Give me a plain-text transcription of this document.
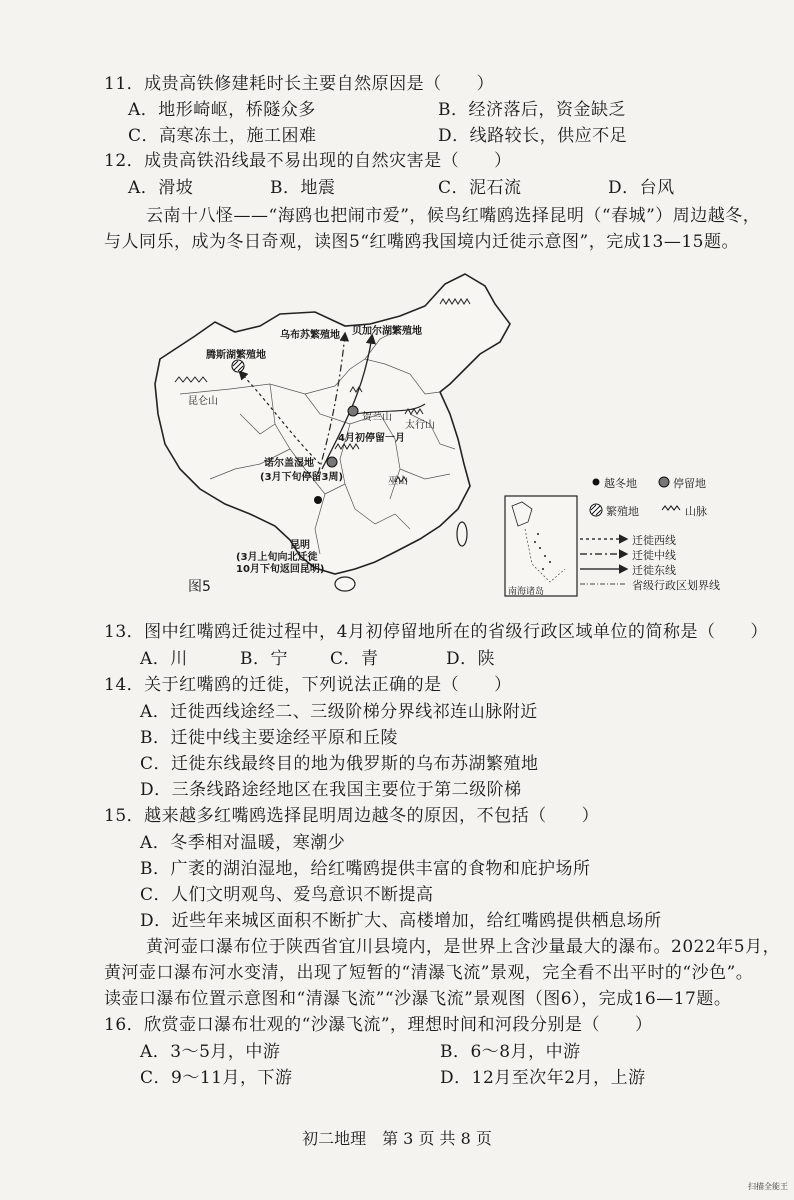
11．成贵高铁修建耗时长主要自然原因是（　　）
A．地形崎岖，桥隧众多	B．经济落后，资金缺乏
C．高寒冻土，施工困难	D．线路较长，供应不足
12．成贵高铁沿线最不易出现的自然灾害是（　　）
A．滑坡	B．地震	C．泥石流	D．台风
云南十八怪——“海鸥也把闹市爱”，候鸟红嘴鸥选择昆明（“春城”）周边越冬，
与人同乐，成为冬日奇观，读图5“红嘴鸥我国境内迁徙示意图”，完成13—15题。
乌布苏繁殖地 贝加尔湖繁殖地
腾斯湖繁殖地
昆仑山
贺兰山
4月初停留一月
太行山
诺尔盖湿地
(3月下旬停留3周)	巫山
昆明
(3月上旬向北迁徙
10月下旬返回昆明)
图5
越冬地	停留地
繁殖地	山脉
迁徙西线
迁徙中线
迁徙东线
省级行政区划界线
南海诸岛
13．图中红嘴鸥迁徙过程中，4月初停留地所在的省级行政区域单位的简称是（　　）
A．川	B．宁 C．青	D．陕
14．关于红嘴鸥的迁徙，下列说法正确的是（　　）
A．迁徙西线途经二、三级阶梯分界线祁连山脉附近
B．迁徙中线主要途经平原和丘陵
C．迁徙东线最终目的地为俄罗斯的乌布苏湖繁殖地
D．三条线路途经地区在我国主要位于第二级阶梯
15．越来越多红嘴鸥选择昆明周边越冬的原因，不包括（　　）
A．冬季相对温暖，寒潮少
B．广袤的湖泊湿地，给红嘴鸥提供丰富的食物和庇护场所
C．人们文明观鸟、爱鸟意识不断提高
D．近些年来城区面积不断扩大、高楼增加，给红嘴鸥提供栖息场所
黄河壶口瀑布位于陕西省宜川县境内，是世界上含沙量最大的瀑布。2022年5月，
黄河壶口瀑布河水变清，出现了短暂的“清瀑飞流”景观，完全看不出平时的“沙色”。
读壶口瀑布位置示意图和“清瀑飞流”“沙瀑飞流”景观图（图6），完成16—17题。
16．欣赏壶口瀑布壮观的“沙瀑飞流”，理想时间和河段分别是（　　）
A．3～5月，中游	B．6～8月，中游
C．9～11月，下游	D．12月至次年2月，上游
初二地理　第 3 页 共 8 页
扫描全能王
